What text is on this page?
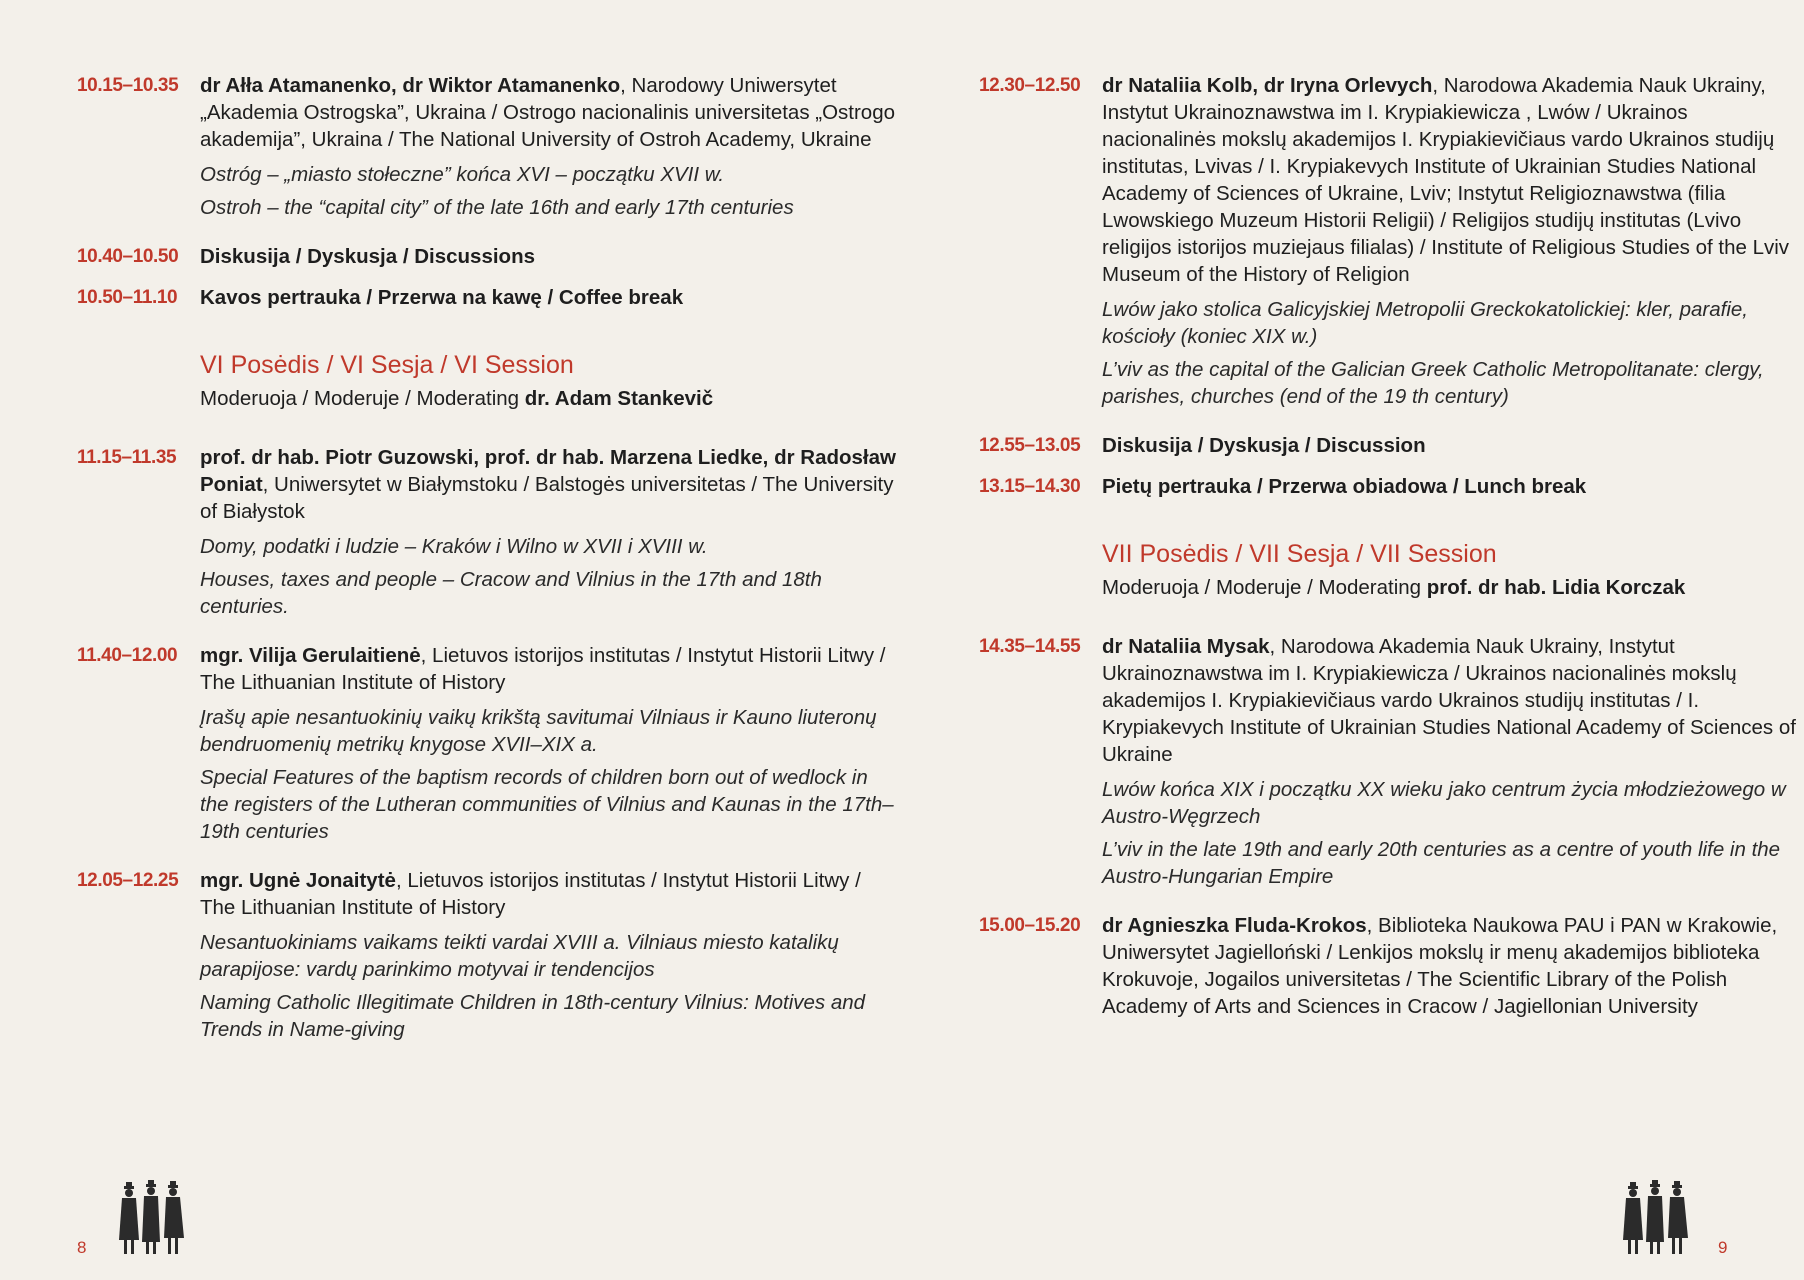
10.15–10.35	dr Ałła Atamanenko, dr Wiktor Atamanenko, Narodowy Uniwersytet „Akademia Ostrogska”, Ukraina / Ostrogo nacionalinis universitetas „Ostrogo akademija”, Ukraina / The National University of Ostroh Academy, Ukraine

Ostróg – „miasto stołeczne” końca XVI – początku XVII w.

Ostroh – the “capital city” of the late 16th and early 17th centuries

10.40–10.50	Diskusija / Dyskusja / Discussions
10.50–11.10	Kavos pertrauka / Przerwa na kawę / Coffee break

VI Posėdis / VI Sesja / VI Session

Moderuoja / Moderuje / Moderating dr. Adam Stankevič

11.15–11.35	prof. dr hab. Piotr Guzowski, prof. dr hab. Marzena Liedke, dr Radosław Poniat, Uniwersytet w Białymstoku / Balstogės universitetas / The University of Białystok

Domy, podatki i ludzie – Kraków i Wilno w XVII i XVIII w.

Houses, taxes and people – Cracow and Vilnius in the 17th and 18th centuries.

11.40–12.00	mgr. Vilija Gerulaitienė, Lietuvos istorijos institutas / Instytut Historii Litwy / The Lithuanian Institute of History

Įrašų apie nesantuokinių vaikų krikštą savitumai Vilniaus ir Kauno liuteronų bendruomenių metrikų knygose XVII–XIX a.

Special Features of the baptism records of children born out of wedlock in the registers of the Lutheran communities of Vilnius and Kaunas in the 17th–19th centuries

12.05–12.25	mgr. Ugnė Jonaitytė, Lietuvos istorijos institutas / Instytut Historii Litwy / The Lithuanian Institute of History

Nesantuokiniams vaikams teikti vardai XVIII a. Vilniaus miesto katalikų parapijose: vardų parinkimo motyvai ir tendencijos

Naming Catholic Illegitimate Children in 18th-century Vilnius: Motives and Trends in Name-giving

12.30–12.50	dr Nataliia Kolb, dr Iryna Orlevych, Narodowa Akademia Nauk Ukrainy, Instytut Ukrainoznawstwa im I. Krypiakiewicza , Lwów / Ukrainos nacionalinės mokslų akademijos I. Krypiakievičiaus vardo Ukrainos studijų institutas, Lvivas / I. Krypiakevych Institute of Ukrainian Studies National Academy of Sciences of Ukraine, Lviv; Instytut Religioznawstwa (filia Lwowskiego Muzeum Historii Religii) / Religijos studijų institutas (Lvivo religijos istorijos muziejaus filialas) / Institute of Religious Studies of the Lviv Museum of the History of Religion

Lwów jako stolica Galicyjskiej Metropolii Greckokatolickiej: kler, parafie, kościoły (koniec XIX w.)

L’viv as the capital of the Galician Greek Catholic Metropolitanate: clergy, parishes, churches (end of the 19 th century)

12.55–13.05	Diskusija / Dyskusja / Discussion
13.15–14.30	Pietų pertrauka / Przerwa obiadowa / Lunch break

VII Posėdis / VII Sesja / VII Session

Moderuoja / Moderuje / Moderating prof. dr hab. Lidia Korczak

14.35–14.55	dr Nataliia Mysak, Narodowa Akademia Nauk Ukrainy, Instytut Ukrainoznawstwa im I. Krypiakiewicza / Ukrainos nacionalinės mokslų akademijos I. Krypiakievičiaus vardo Ukrainos studijų institutas / I. Krypiakevych Institute of Ukrainian Studies National Academy of Sciences of Ukraine

Lwów końca XIX i początku XX wieku jako centrum życia młodzieżowego w Austro-Węgrzech

L’viv in the late 19th and early 20th centuries as a centre of youth life in the Austro-Hungarian Empire

15.00–15.20	dr Agnieszka Fluda-Krokos, Biblioteka Naukowa PAU i PAN w Krakowie, Uniwersytet Jagielloński / Lenkijos mokslų ir menų akademijos biblioteka Krokuvoje, Jogailos universitetas / The Scientific Library of the Polish Academy of Arts and Sciences in Cracow / Jagiellonian University

8	9
